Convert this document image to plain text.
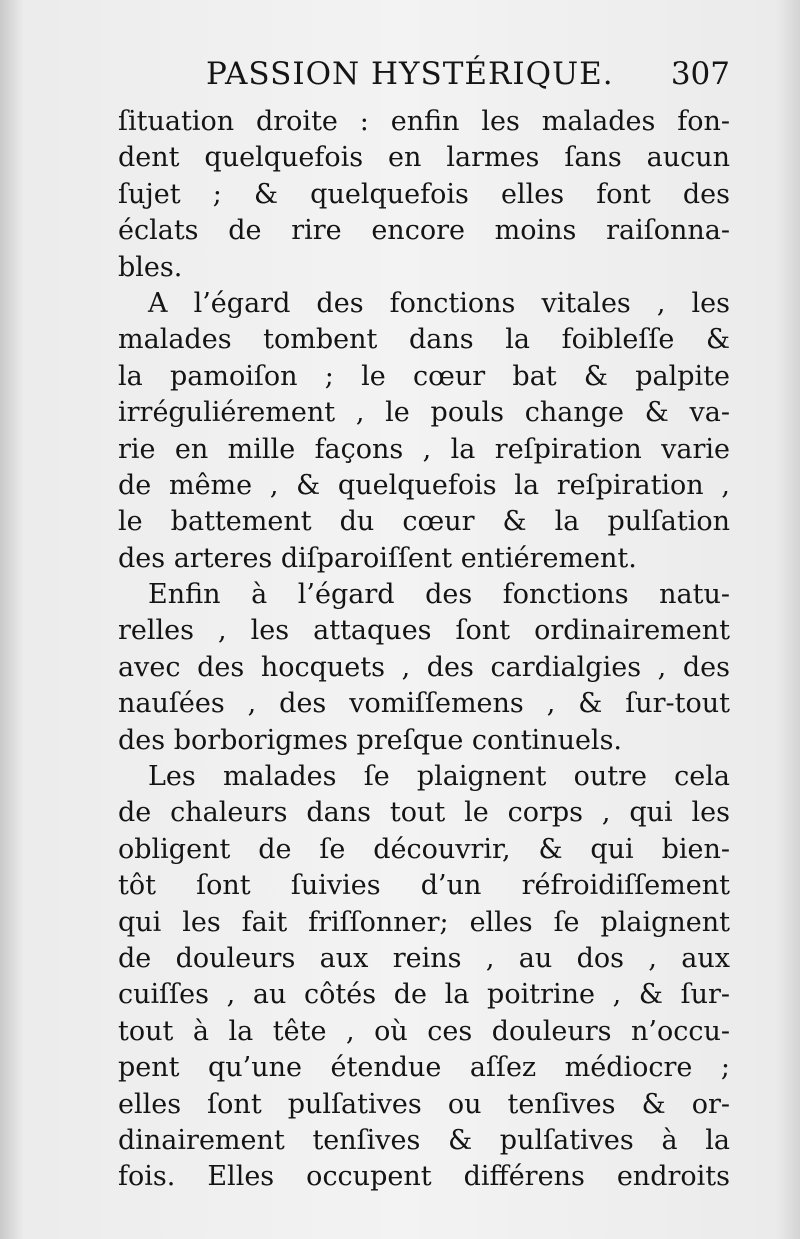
PASSION HYSTÉRIQUE. 307
ſituation droite : enfin les malades fon-
dent quelquefois en larmes ſans aucun
ſujet ; & quelquefois elles font des
éclats de rire encore moins raiſonna-
bles.
A l’égard des fonctions vitales , les
malades tombent dans la foibleſſe &
la pamoiſon ; le cœur bat & palpite
irréguliérement , le pouls change & va-
rie en mille façons , la reſpiration varie
de même , & quelquefois la reſpiration ,
le battement du cœur & la pulſation
des arteres diſparoiſſent entiérement.
Enfin à l’égard des fonctions natu-
relles , les attaques ſont ordinairement
avec des hocquets , des cardialgies , des
nauſées , des vomiſſemens , & ſur-tout
des borborigmes preſque continuels.
Les malades ſe plaignent outre cela
de chaleurs dans tout le corps , qui les
obligent de ſe découvrir, & qui bien-
tôt ſont ſuivies d’un réfroidiſſement
qui les fait friſſonner; elles ſe plaignent
de douleurs aux reins , au dos , aux
cuiſſes , au côtés de la poitrine , & ſur-
tout à la tête , où ces douleurs n’occu-
pent qu’une étendue aſſez médiocre ;
elles ſont pulſatives ou tenſives & or-
dinairement tenſives & pulſatives à la
fois. Elles occupent différens endroits
